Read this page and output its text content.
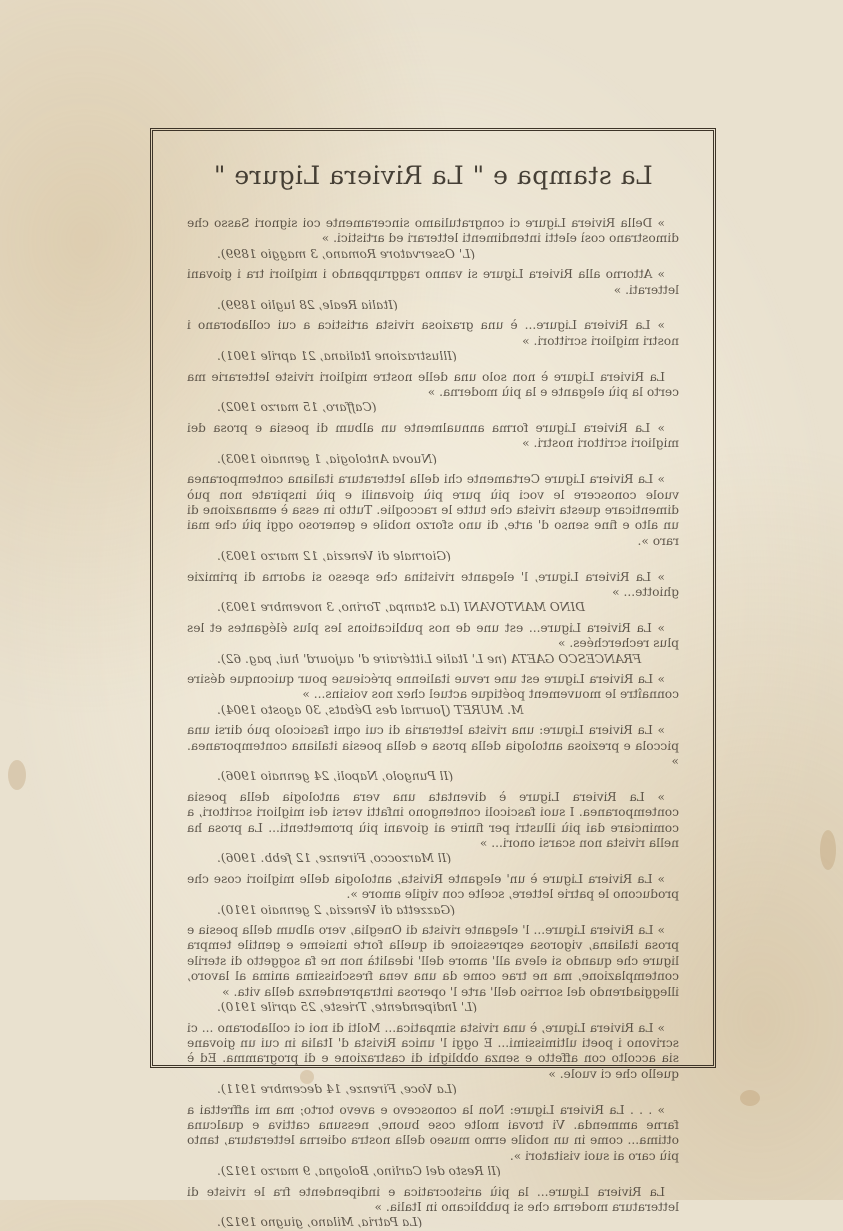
La stampa e " La Riviera Ligure "
» Della Riviera Ligure ci congratuliamo sinceramente coi signori Sasso che dimostrano così eletti intendimenti letterari ed artistici. »
(L' Osservatore Romano, 3 maggio 1899).
» Attorno alla Riviera Ligure si vanno raggruppando i migliori tra i giovani letterati. »
(Italia Reale, 28 luglio 1899).
» La Riviera Ligure... è una graziosa rivista artistica a cui collaborano i nostri migliori scrittori. »
(Illustrazione Italiana, 21 aprile 1901).
La Riviera Ligure è non solo una delle nostre migliori riviste letterarie ma certo la più elegante e la più moderna. »
(Caffaro, 15 marzo 1902).
» La Riviera Ligure forma annualmente un album di poesia e prosa dei migliori scrittori nostri. »
(Nuova Antologia, 1 gennaio 1903).
» La Riviera Ligure Certamente chi della letteratura italiana contemporanea vuole conoscere le voci più pure più giovanili e più inspirate non può dimenticare questa rivista che tutte le raccoglie. Tutto in essa è emanazione di un alto e fine senso d' arte, di uno sforzo nobile e generoso oggi più che mai raro ».
(Giornale di Venezia, 12 marzo 1903).
» La Riviera Ligure, l' elegante rivistina che spesso si adorna di primizie ghiotte... »
DINO MANTOVANI (La Stampa, Torino, 3 novembre 1903).
» La Riviera Ligure... est une de nos publications les plus élégantes et les plus recherchées. »
FRANCESCO GAETA (ne L' Italie Littéraire d' aujourd' hui, pag. 62).
» La Riviera Ligure est une revue italienne précieuse pour quiconque désire connaître le mouvement poétique actuel chez nos voisins... »
M. MURET (Journal des Débats, 30 agosto 1904).
» La Riviera Ligure: una rivista letteraria di cui ogni fascicolo può dirsi una piccola e preziosa antologia della prosa e della poesia italiana contemporanea. »
(Il Pungolo, Napoli, 24 gennaio 1906).
» La Riviera Ligure è diventata una vera antologia della poesia contemporanea. I suoi fascicoli contengono infatti versi dei migliori scrittori, a cominciare dai più illustri per finire ai giovani più promettenti... La prosa ha nella rivista non scarsi onori... »
(Il Marzocco, Firenze, 12 febb. 1906).
» La Riviera Ligure è un' elegante Rivista, antologia delle migliori cose che producono le patrie lettere, scelte con vigile amore ».
(Gazzetta di Venezia, 2 gennaio 1910).
» La Riviera Ligure... l' elegante rivista di Oneglia, vero album della poesia e prosa italiana, vigorosa espressione di quella forte insieme e gentile tempra ligure che quando si eleva all' amore dell' idealità non ne fa soggetto di sterile contemplazione, ma ne trae come da una vena freschissima anima al lavoro, illeggiadrendo del sorriso dell' arte l' operosa intraprendenza della vita. »
(L' Indipendente, Trieste, 25 aprile 1910).
» La Riviera Ligure, è una rivista simpatica... Molti di noi ci collaborano ... ci scrivono i poeti ultimissimi... E oggi l' unica Rivista d' Italia in cui un giovane sia accolto con affetto e senza obblighi di castrazione e di programma. Ed è quello che ci vuole. »
(La Voce, Firenze, 14 decembre 1911).
» . . . La Riviera Ligure: Non la conoscevo e avevo torto; ma mi affrettai a farne ammenda. Vi trovai molte cose buone, nessuna cattiva e qualcuna ottima... come in un nobile ermo museo della nostra odierna letteratura, tanto più caro ai suoi visitatori ».
(Il Resto del Carlino, Bologna, 9 marzo 1912).
La Riviera Ligure... la più aristocratica e indipendente fra le riviste di letteratura moderna che si pubblicano in Italia. »
(La Patria, Milano, giugno 1912).
